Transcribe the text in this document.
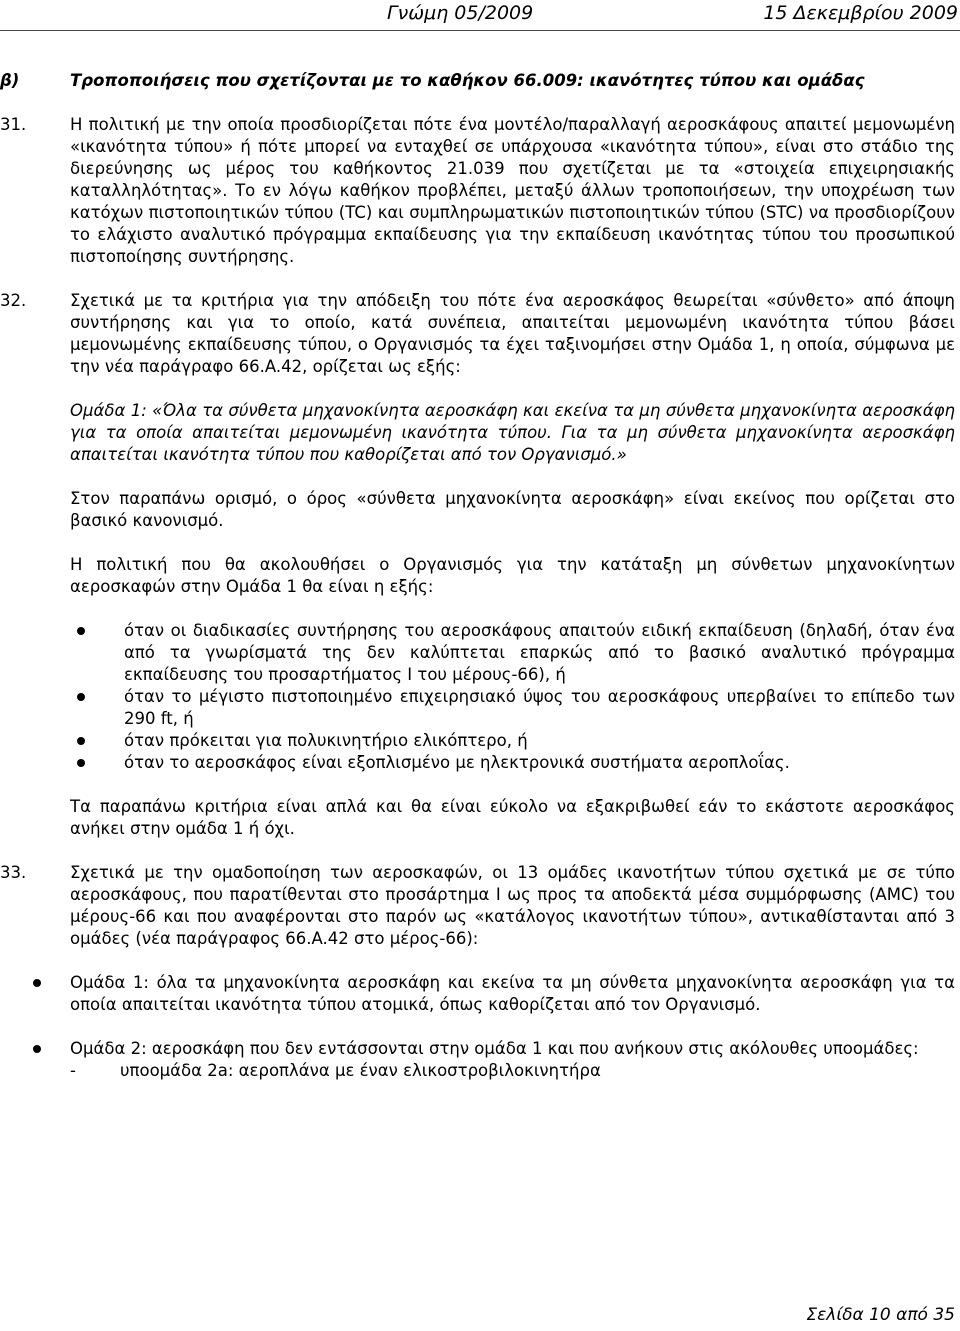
Γνώμη 05/2009	15 Δεκεμβρίου 2009
β)	Τροποποιήσεις που σχετίζονται με το καθήκον 66.009: ικανότητες τύπου και ομάδας
31.	Η πολιτική με την οποία προσδιορίζεται πότε ένα μοντέλο/παραλλαγή αεροσκάφους απαιτεί μεμονωμένη «ικανότητα τύπου» ή πότε μπορεί να ενταχθεί σε υπάρχουσα «ικανότητα τύπου», είναι στο στάδιο της διερεύνησης ως μέρος του καθήκοντος 21.039 που σχετίζεται με τα «στοιχεία επιχειρησιακής καταλληλότητας». Το εν λόγω καθήκον προβλέπει, μεταξύ άλλων τροποποιήσεων, την υποχρέωση των κατόχων πιστοποιητικών τύπου (TC) και συμπληρωματικών πιστοποιητικών τύπου (STC) να προσδιορίζουν το ελάχιστο αναλυτικό πρόγραμμα εκπαίδευσης για την εκπαίδευση ικανότητας τύπου του προσωπικού πιστοποίησης συντήρησης.
32.	Σχετικά με τα κριτήρια για την απόδειξη του πότε ένα αεροσκάφος θεωρείται «σύνθετο» από άποψη συντήρησης και για το οποίο, κατά συνέπεια, απαιτείται μεμονωμένη ικανότητα τύπου βάσει μεμονωμένης εκπαίδευσης τύπου, ο Οργανισμός τα έχει ταξινομήσει στην Ομάδα 1, η οποία, σύμφωνα με την νέα παράγραφο 66.A.42, ορίζεται ως εξής:
Ομάδα 1: «Όλα τα σύνθετα μηχανοκίνητα αεροσκάφη και εκείνα τα μη σύνθετα μηχανοκίνητα αεροσκάφη για τα οποία απαιτείται μεμονωμένη ικανότητα τύπου. Για τα μη σύνθετα μηχανοκίνητα αεροσκάφη απαιτείται ικανότητα τύπου που καθορίζεται από τον Οργανισμό.»
Στον παραπάνω ορισμό, ο όρος «σύνθετα μηχανοκίνητα αεροσκάφη» είναι εκείνος που ορίζεται στο βασικό κανονισμό.
Η πολιτική που θα ακολουθήσει ο Οργανισμός για την κατάταξη μη σύνθετων μηχανοκίνητων αεροσκαφών στην Ομάδα 1 θα είναι η εξής:
όταν οι διαδικασίες συντήρησης του αεροσκάφους απαιτούν ειδική εκπαίδευση (δηλαδή, όταν ένα από τα γνωρίσματά της δεν καλύπτεται επαρκώς από το βασικό αναλυτικό πρόγραμμα εκπαίδευσης του προσαρτήματος Ι του μέρους-66), ή
όταν το μέγιστο πιστοποιημένο επιχειρησιακό ύψος του αεροσκάφους υπερβαίνει το επίπεδο των 290 ft, ή
όταν πρόκειται για πολυκινητήριο ελικόπτερο, ή
όταν το αεροσκάφος είναι εξοπλισμένο με ηλεκτρονικά συστήματα αεροπλοΐας.
Τα παραπάνω κριτήρια είναι απλά και θα είναι εύκολο να εξακριβωθεί εάν το εκάστοτε αεροσκάφος ανήκει στην ομάδα 1 ή όχι.
33.	Σχετικά με την ομαδοποίηση των αεροσκαφών, οι 13 ομάδες ικανοτήτων τύπου σχετικά με σε τύπο αεροσκάφους, που παρατίθενται στο προσάρτημα Ι ως προς τα αποδεκτά μέσα συμμόρφωσης (AMC) του μέρους-66 και που αναφέρονται στο παρόν ως «κατάλογος ικανοτήτων τύπου», αντικαθίστανται από 3 ομάδες (νέα παράγραφος 66.A.42 στο μέρος-66):
Ομάδα 1: όλα τα μηχανοκίνητα αεροσκάφη και εκείνα τα μη σύνθετα μηχανοκίνητα αεροσκάφη για τα οποία απαιτείται ικανότητα τύπου ατομικά, όπως καθορίζεται από τον Οργανισμό.
Ομάδα 2: αεροσκάφη που δεν εντάσσονται στην ομάδα 1 και που ανήκουν στις ακόλουθες υποομάδες:
-	υποομάδα 2a: αεροπλάνα με έναν ελικοστροβιλοκινητήρα
Σελίδα 10 από 35
